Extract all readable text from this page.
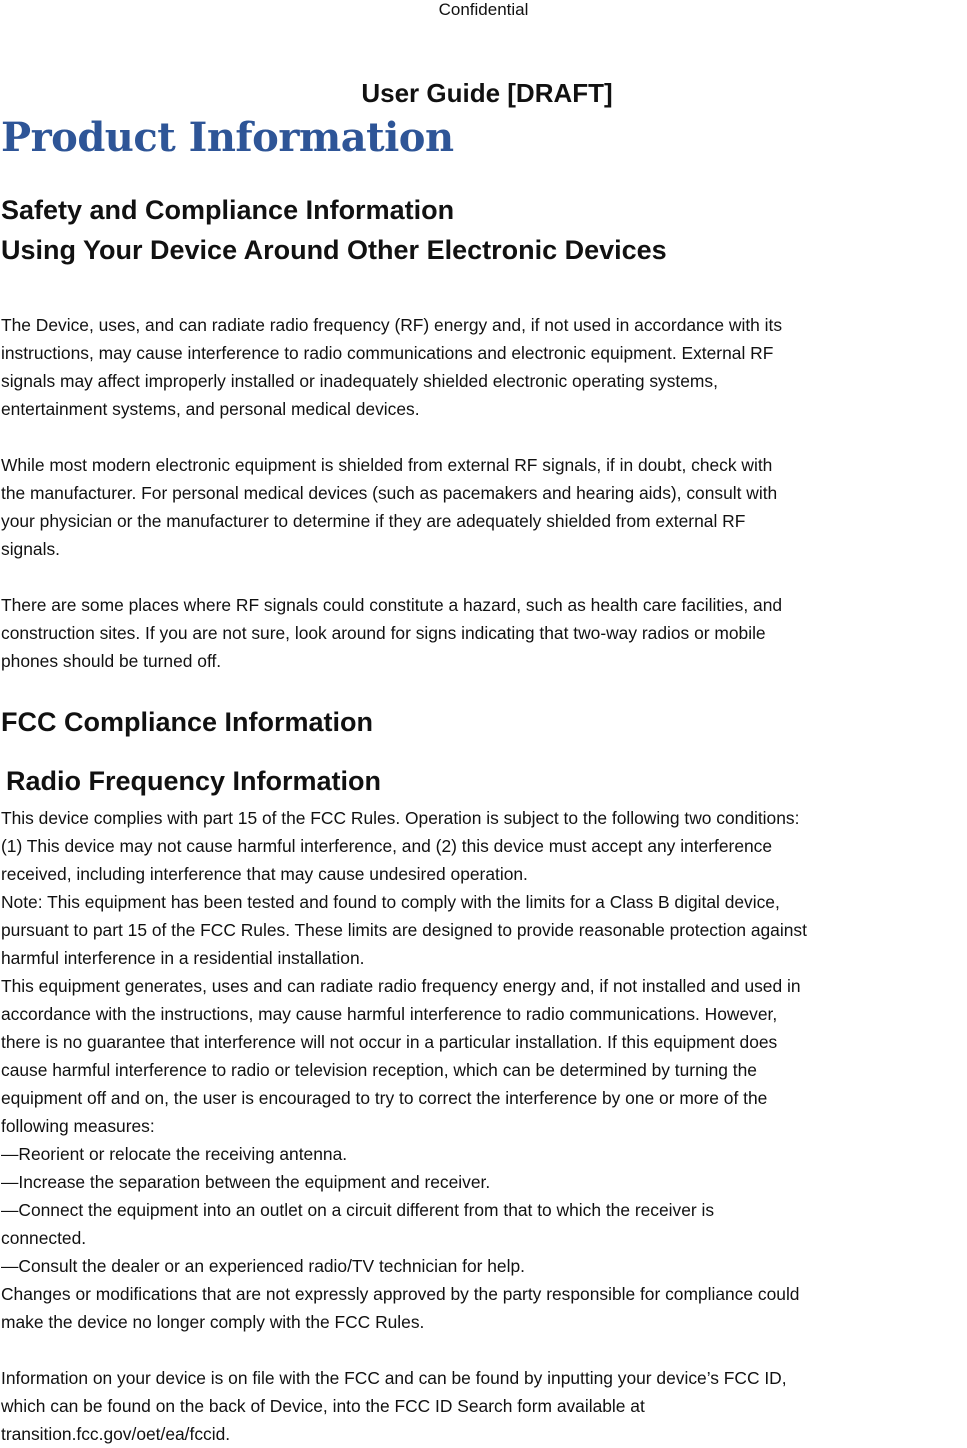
Confidential
User Guide [DRAFT]
Product Information
Safety and Compliance Information
Using Your Device Around Other Electronic Devices
The Device, uses, and can radiate radio frequency (RF) energy and, if not used in accordance with its
instructions, may cause interference to radio communications and electronic equipment. External RF
signals may affect improperly installed or inadequately shielded electronic operating systems,
entertainment systems, and personal medical devices.
While most modern electronic equipment is shielded from external RF signals, if in doubt, check with
the manufacturer. For personal medical devices (such as pacemakers and hearing aids), consult with
your physician or the manufacturer to determine if they are adequately shielded from external RF
signals.
There are some places where RF signals could constitute a hazard, such as health care facilities, and
construction sites. If you are not sure, look around for signs indicating that two-way radios or mobile
phones should be turned off.
FCC Compliance Information
Radio Frequency Information
This device complies with part 15 of the FCC Rules. Operation is subject to the following two conditions:
(1) This device may not cause harmful interference, and (2) this device must accept any interference
received, including interference that may cause undesired operation.
Note: This equipment has been tested and found to comply with the limits for a Class B digital device,
pursuant to part 15 of the FCC Rules. These limits are designed to provide reasonable protection against
harmful interference in a residential installation.
This equipment generates, uses and can radiate radio frequency energy and, if not installed and used in
accordance with the instructions, may cause harmful interference to radio communications. However,
there is no guarantee that interference will not occur in a particular installation. If this equipment does
cause harmful interference to radio or television reception, which can be determined by turning the
equipment off and on, the user is encouraged to try to correct the interference by one or more of the
following measures:
—Reorient or relocate the receiving antenna.
—Increase the separation between the equipment and receiver.
—Connect the equipment into an outlet on a circuit different from that to which the receiver is
connected.
—Consult the dealer or an experienced radio/TV technician for help.
Changes or modifications that are not expressly approved by the party responsible for compliance could
make the device no longer comply with the FCC Rules.
Information on your device is on file with the FCC and can be found by inputting your device’s FCC ID,
which can be found on the back of Device, into the FCC ID Search form available at
transition.fcc.gov/oet/ea/fccid.
